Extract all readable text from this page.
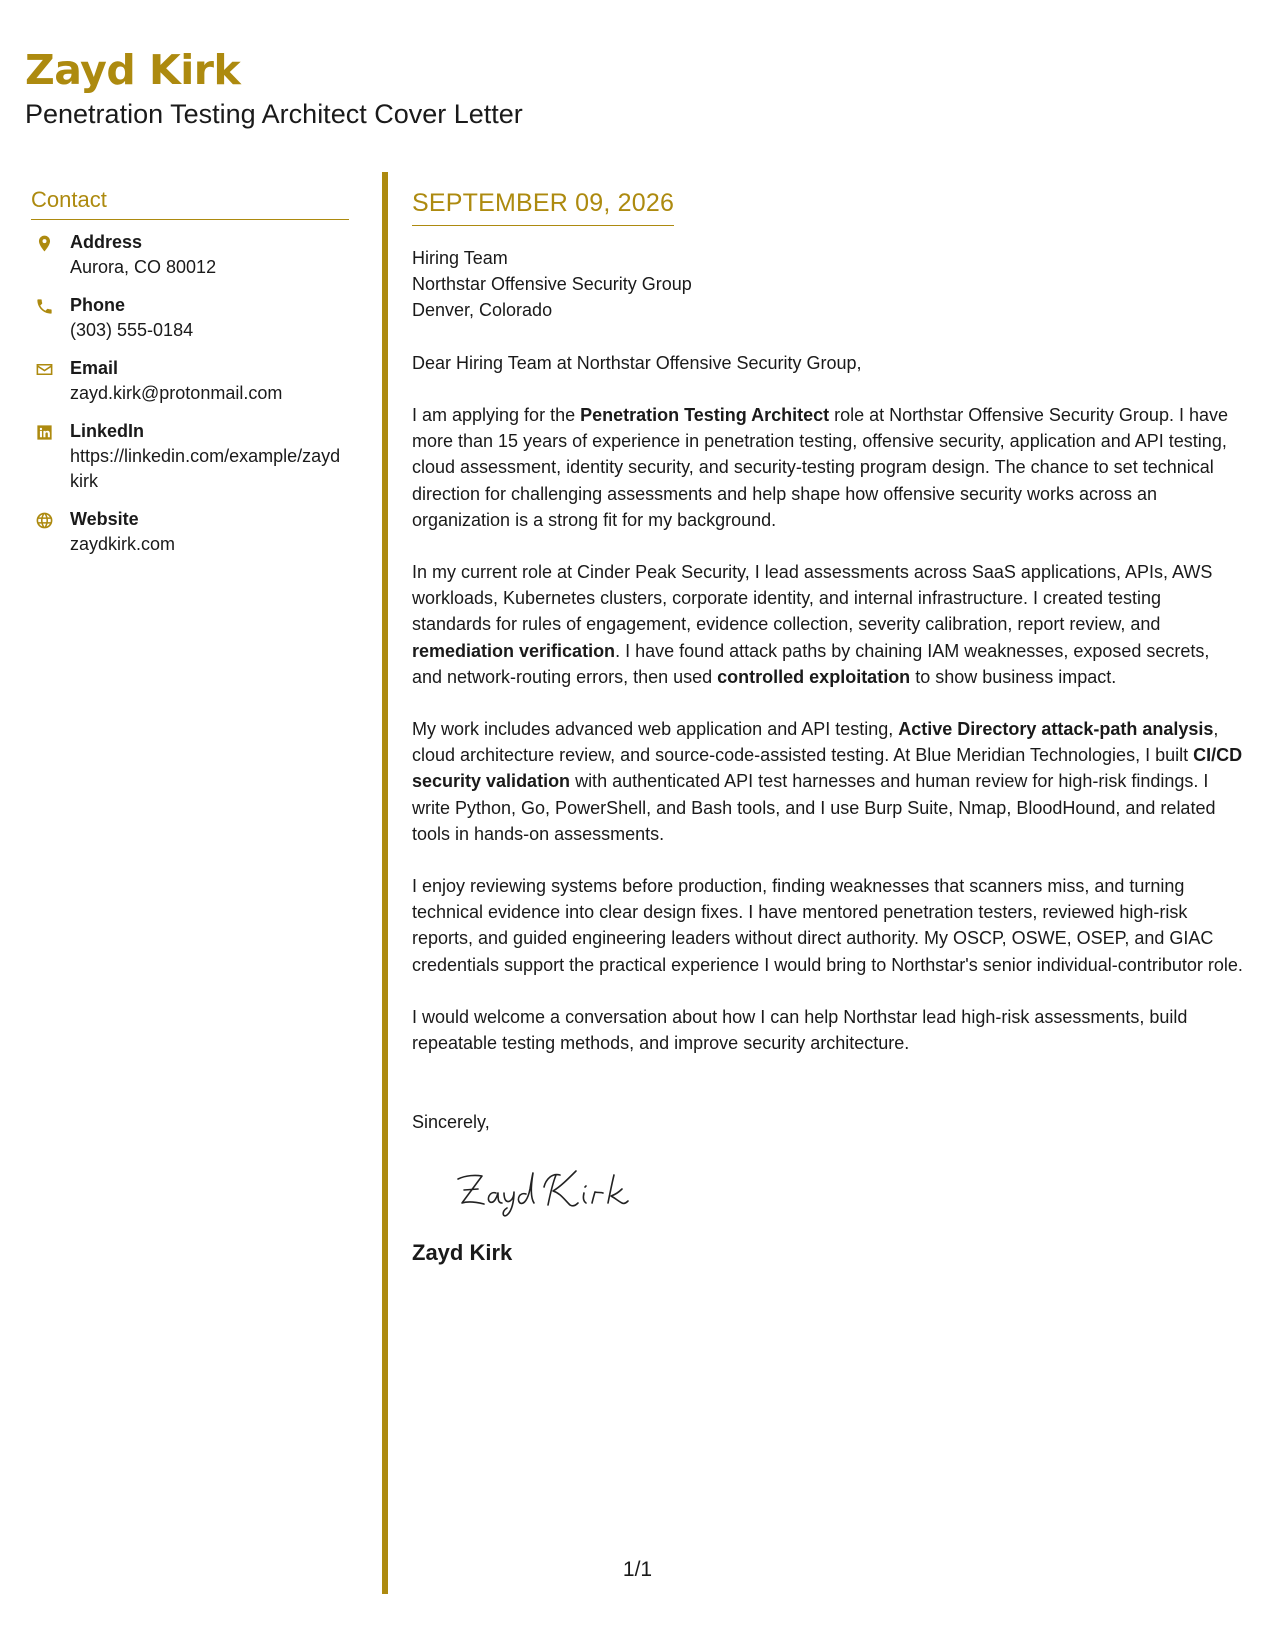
Zayd Kirk
Penetration Testing Architect Cover Letter
Contact
Address
Aurora, CO 80012
Phone
(303) 555-0184
Email
zayd.kirk@protonmail.com
LinkedIn
https://linkedin.com/example/zaydkirk
Website
zaydkirk.com
SEPTEMBER 09, 2026
Hiring Team
Northstar Offensive Security Group
Denver, Colorado
Dear Hiring Team at Northstar Offensive Security Group,

I am applying for the Penetration Testing Architect role at Northstar Offensive Security Group. I have more than 15 years of experience in penetration testing, offensive security, application and API testing, cloud assessment, identity security, and security-testing program design. The chance to set technical direction for challenging assessments and help shape how offensive security works across an organization is a strong fit for my background.

In my current role at Cinder Peak Security, I lead assessments across SaaS applications, APIs, AWS workloads, Kubernetes clusters, corporate identity, and internal infrastructure. I created testing standards for rules of engagement, evidence collection, severity calibration, report review, and remediation verification. I have found attack paths by chaining IAM weaknesses, exposed secrets, and network-routing errors, then used controlled exploitation to show business impact.

My work includes advanced web application and API testing, Active Directory attack-path analysis, cloud architecture review, and source-code-assisted testing. At Blue Meridian Technologies, I built CI/CD security validation with authenticated API test harnesses and human review for high-risk findings. I write Python, Go, PowerShell, and Bash tools, and I use Burp Suite, Nmap, BloodHound, and related tools in hands-on assessments.

I enjoy reviewing systems before production, finding weaknesses that scanners miss, and turning technical evidence into clear design fixes. I have mentored penetration testers, reviewed high-risk reports, and guided engineering leaders without direct authority. My OSCP, OSWE, OSEP, and GIAC credentials support the practical experience I would bring to Northstar's senior individual-contributor role.

I would welcome a conversation about how I can help Northstar lead high-risk assessments, build repeatable testing methods, and improve security architecture.

Sincerely,
Zayd Kirk
1/1
